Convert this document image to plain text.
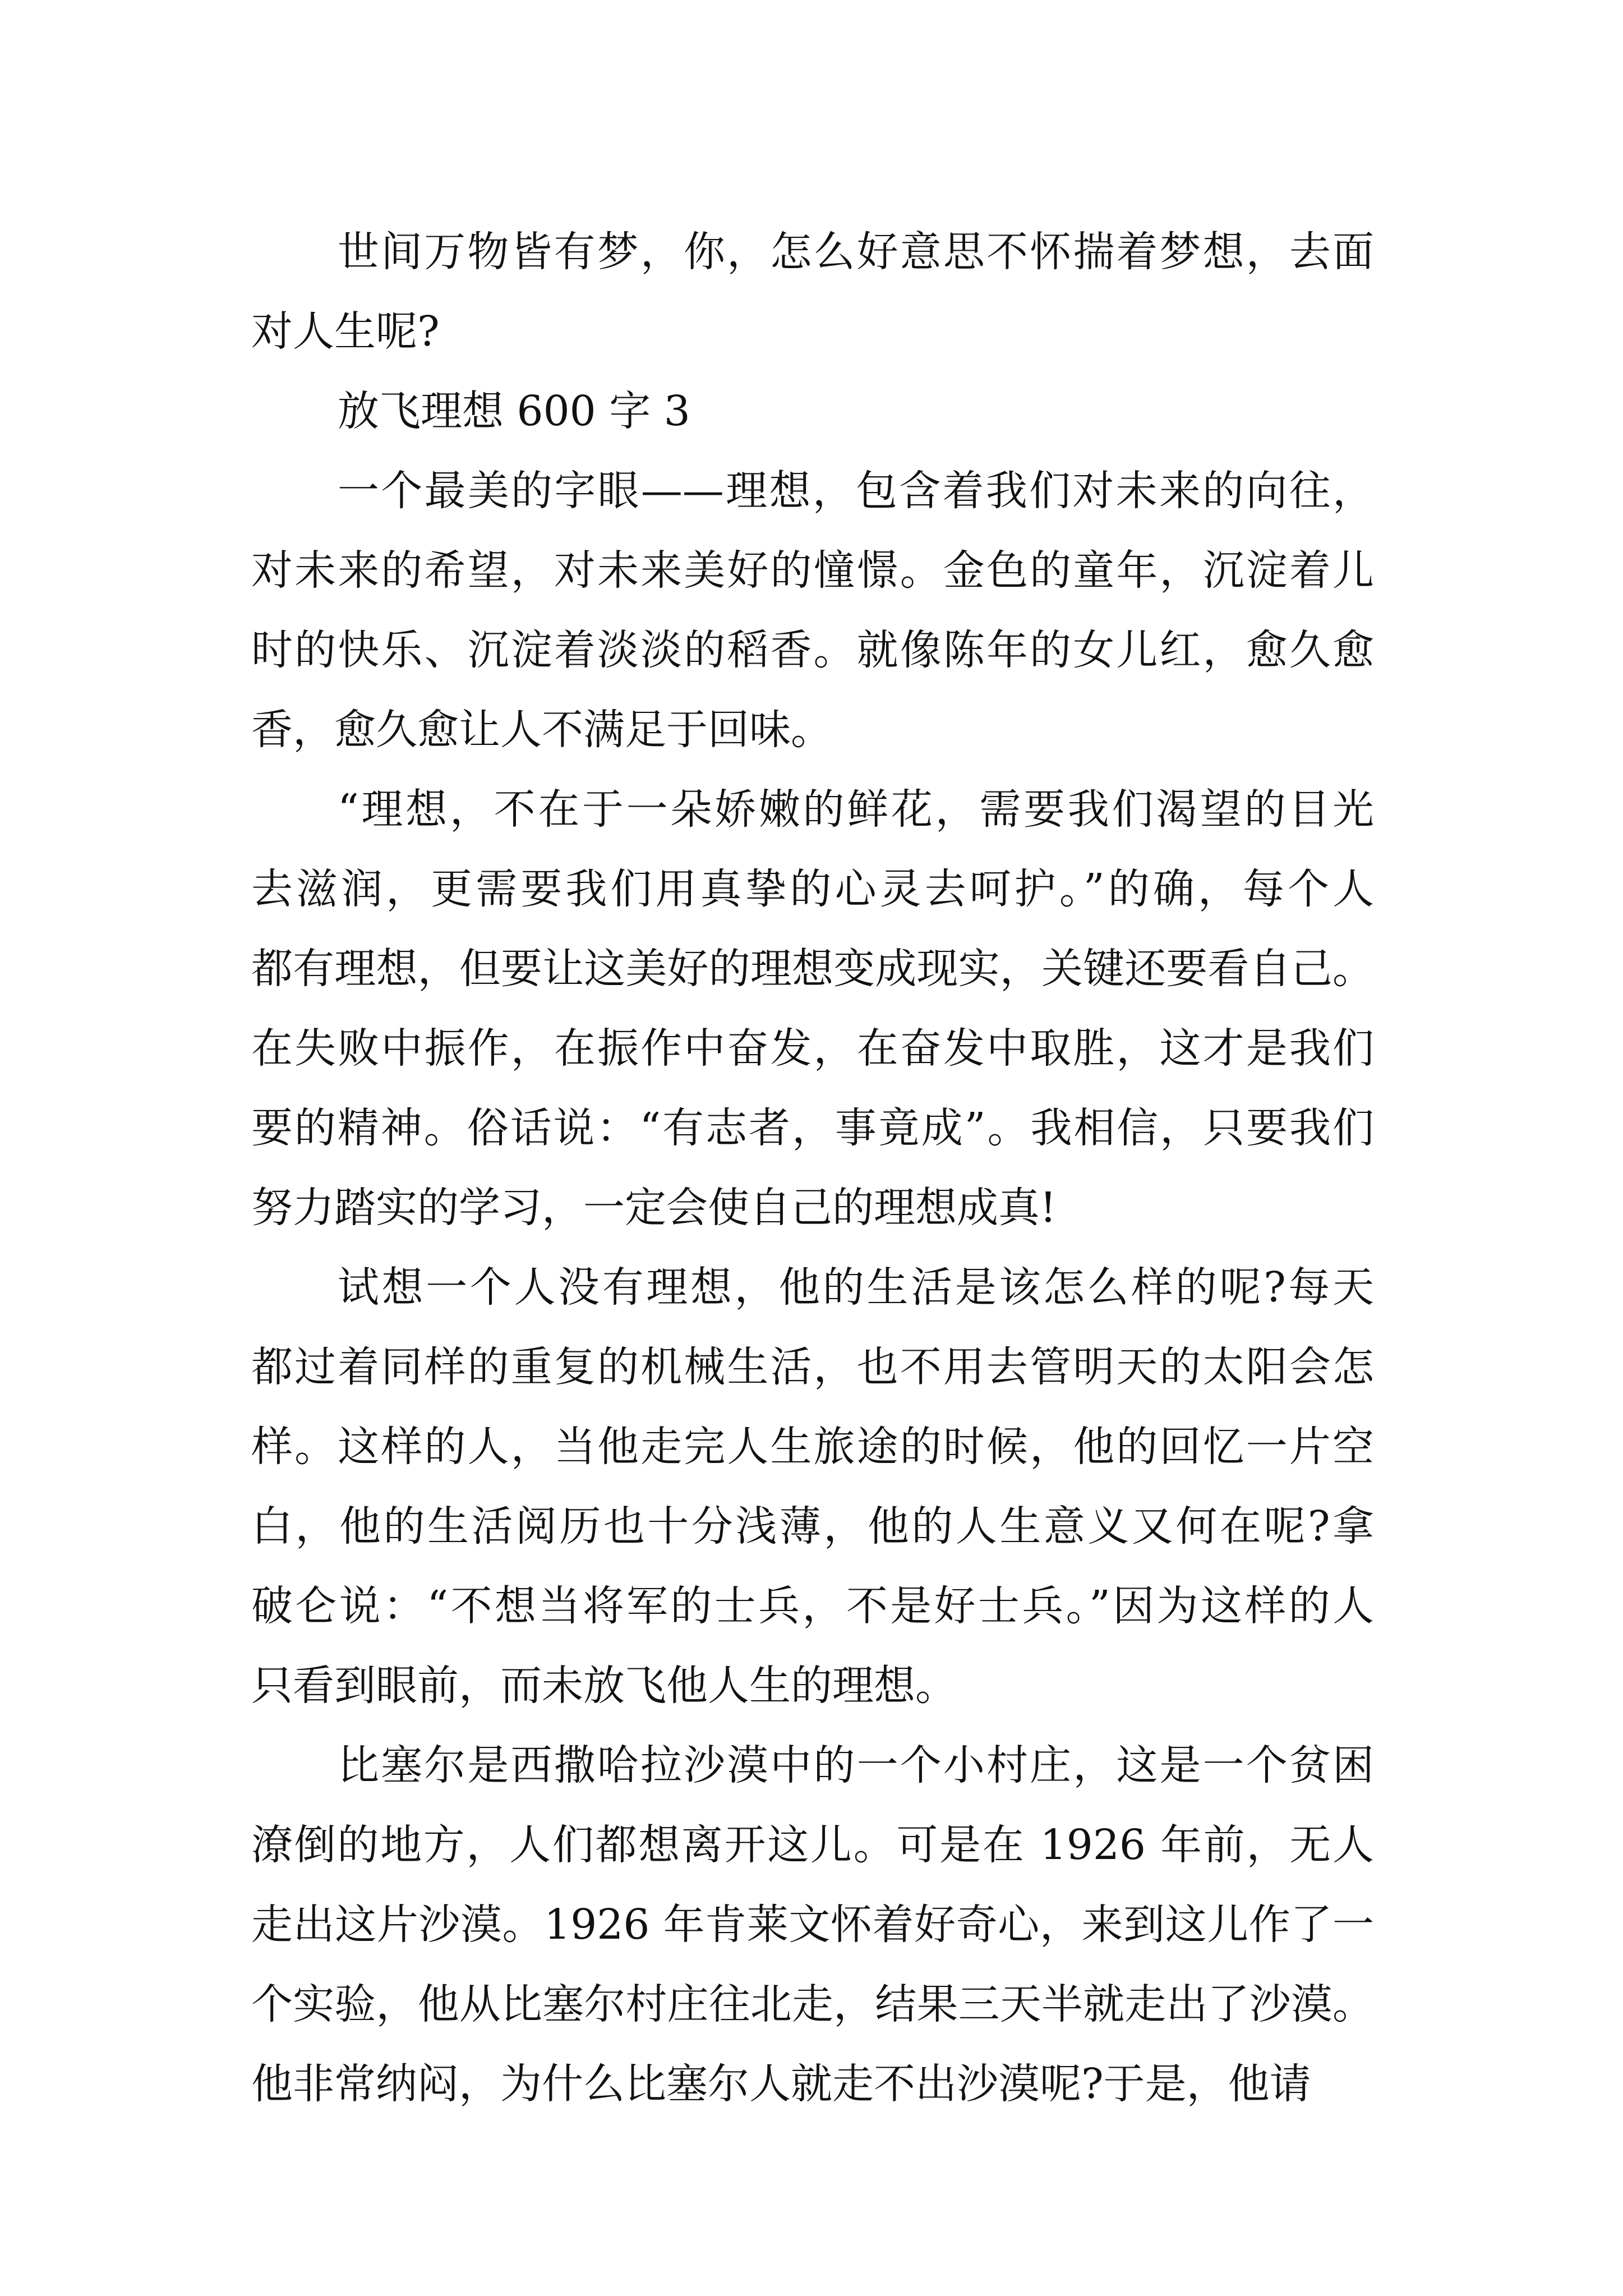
世间万物皆有梦，你，怎么好意思不怀揣着梦想，去面
对人生呢?
放飞理想 600 字 3
一个最美的字眼——理想，包含着我们对未来的向往，
对未来的希望，对未来美好的憧憬。金色的童年，沉淀着儿
时的快乐、沉淀着淡淡的稻香。就像陈年的女儿红，愈久愈
香，愈久愈让人不满足于回味。
“理想，不在于一朵娇嫩的鲜花，需要我们渴望的目光
去滋润，更需要我们用真挚的心灵去呵护。”的确，每个人
都有理想，但要让这美好的理想变成现实，关键还要看自己。
在失败中振作，在振作中奋发，在奋发中取胜，这才是我们
要的精神。俗话说：“有志者，事竟成”。我相信，只要我们
努力踏实的学习，一定会使自己的理想成真!
试想一个人没有理想，他的生活是该怎么样的呢?每天
都过着同样的重复的机械生活，也不用去管明天的太阳会怎
样。这样的人，当他走完人生旅途的时候，他的回忆一片空
白，他的生活阅历也十分浅薄，他的人生意义又何在呢?拿
破仑说：“不想当将军的士兵，不是好士兵。”因为这样的人
只看到眼前，而未放飞他人生的理想。
比塞尔是西撒哈拉沙漠中的一个小村庄，这是一个贫困
潦倒的地方，人们都想离开这儿。可是在 1926 年前，无人
走出这片沙漠。1926 年肯莱文怀着好奇心，来到这儿作了一
个实验，他从比塞尔村庄往北走，结果三天半就走出了沙漠。
他非常纳闷，为什么比塞尔人就走不出沙漠呢?于是，他请
